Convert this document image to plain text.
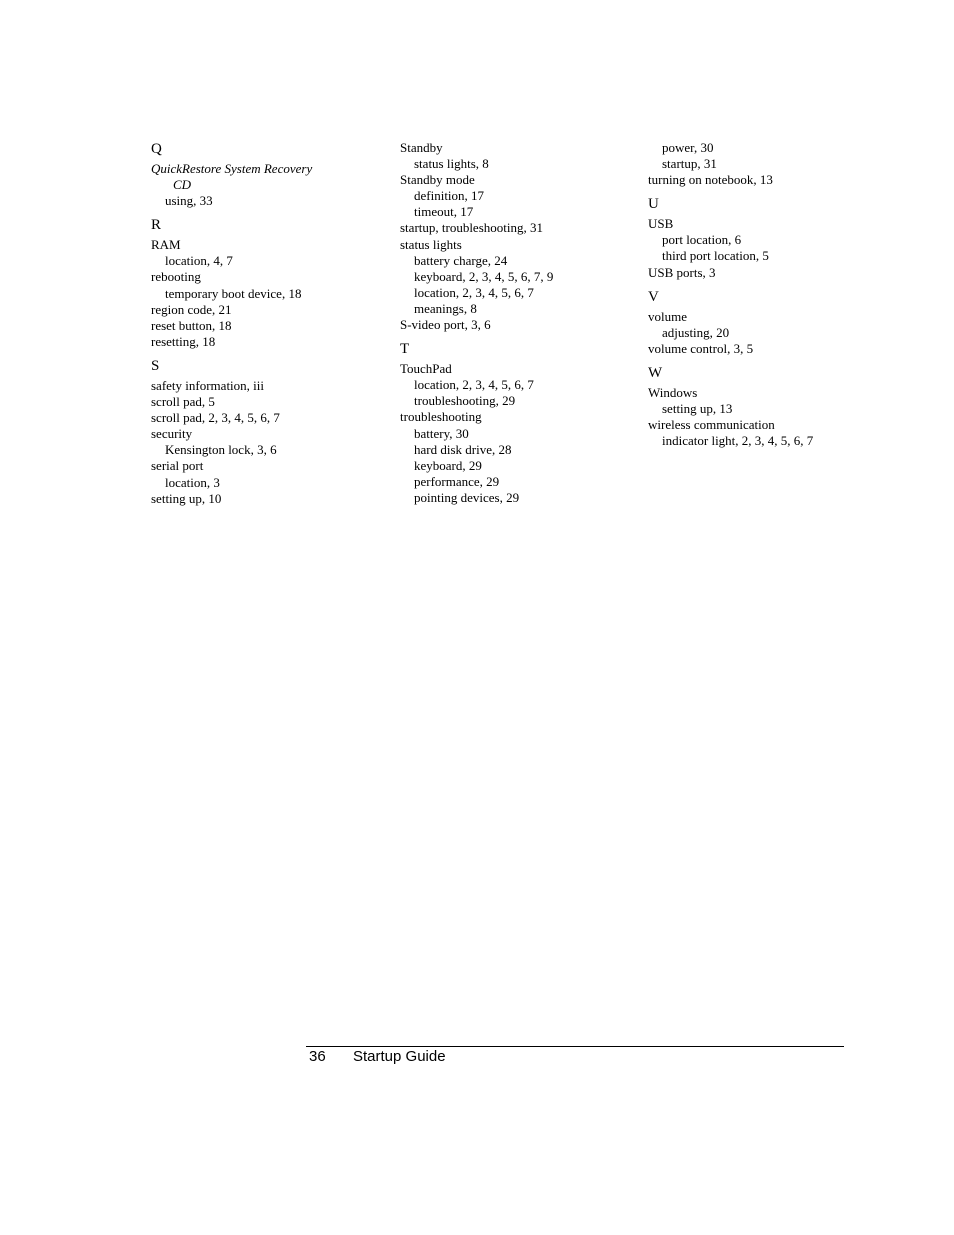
Q
QuickRestore System Recovery
CD
using, 33
R
RAM
location, 4, 7
rebooting
temporary boot device, 18
region code, 21
reset button, 18
resetting, 18
S
safety information, iii
scroll pad, 5
scroll pad, 2, 3, 4, 5, 6, 7
security
Kensington lock, 3, 6
serial port
location, 3
setting up, 10
Standby
status lights, 8
Standby mode
definition, 17
timeout, 17
startup, troubleshooting, 31
status lights
battery charge, 24
keyboard, 2, 3, 4, 5, 6, 7, 9
location, 2, 3, 4, 5, 6, 7
meanings, 8
S-video port, 3, 6
T
TouchPad
location, 2, 3, 4, 5, 6, 7
troubleshooting, 29
troubleshooting
battery, 30
hard disk drive, 28
keyboard, 29
performance, 29
pointing devices, 29
power, 30
startup, 31
turning on notebook, 13
U
USB
port location, 6
third port location, 5
USB ports, 3
V
volume
adjusting, 20
volume control, 3, 5
W
Windows
setting up, 13
wireless communication
indicator light, 2, 3, 4, 5, 6, 7
36 Startup Guide
